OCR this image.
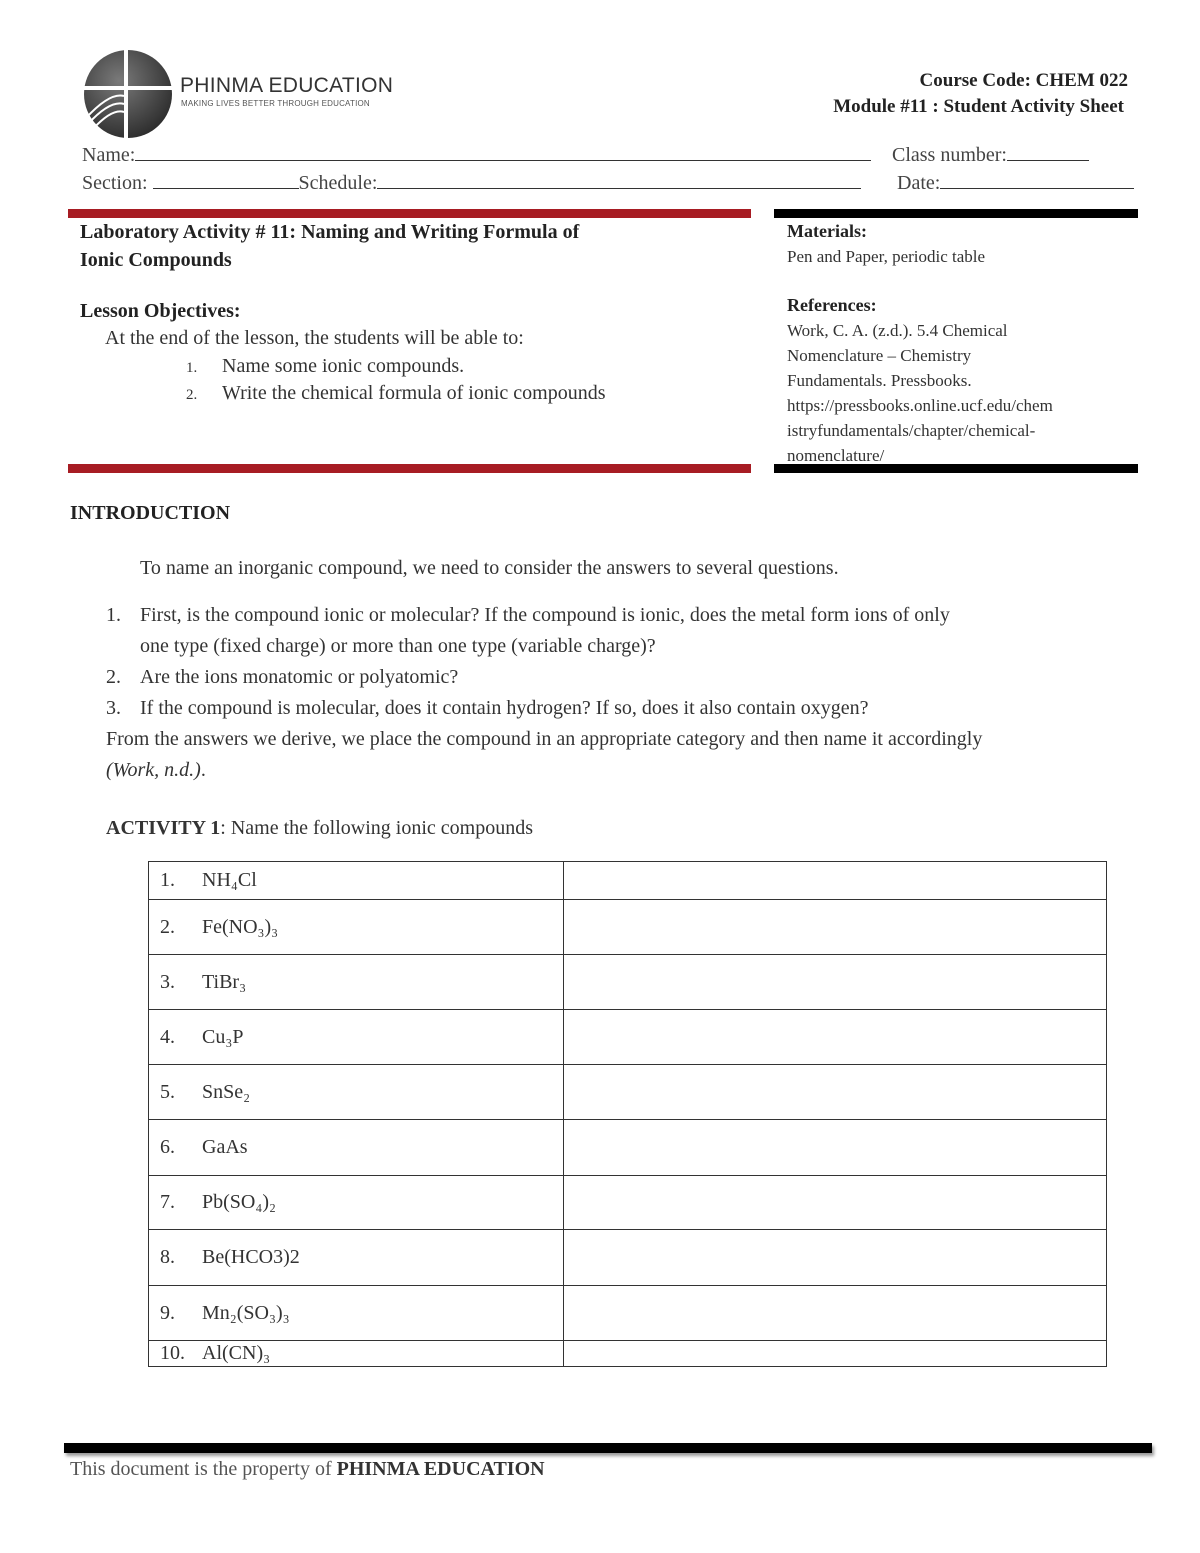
PHINMA EDUCATION
MAKING LIVES BETTER THROUGH EDUCATION
Course Code: CHEM 022
Module #11 : Student Activity Sheet
Name:	Class number:
Section:	Schedule:	Date:
Laboratory Activity # 11: Naming and Writing Formula of
Ionic Compounds
Lesson Objectives:
At the end of the lesson, the students will be able to:
1. Name some ionic compounds.
2. Write the chemical formula of ionic compounds
Materials:
Pen and Paper, periodic table
References:
Work, C. A. (z.d.). 5.4 Chemical
Nomenclature – Chemistry
Fundamentals. Pressbooks.
https://pressbooks.online.ucf.edu/chem
istryfundamentals/chapter/chemical-
nomenclature/
INTRODUCTION
To name an inorganic compound, we need to consider the answers to several questions.
1. First, is the compound ionic or molecular? If the compound is ionic, does the metal form ions of only
one type (fixed charge) or more than one type (variable charge)?
2. Are the ions monatomic or polyatomic?
3. If the compound is molecular, does it contain hydrogen? If so, does it also contain oxygen?
From the answers we derive, we place the compound in an appropriate category and then name it accordingly
(Work, n.d.).
ACTIVITY 1: Name the following ionic compounds
1. NH₄Cl	
2. Fe(NO₃)₃	
3. TiBr₃	
4. Cu₃P	
5. SnSe₂	
6. GaAs	
7. Pb(SO₄)₂	
8. Be(HCO3)2	
9. Mn₂(SO₃)₃	
10. Al(CN)₃	
This document is the property of PHINMA EDUCATION
